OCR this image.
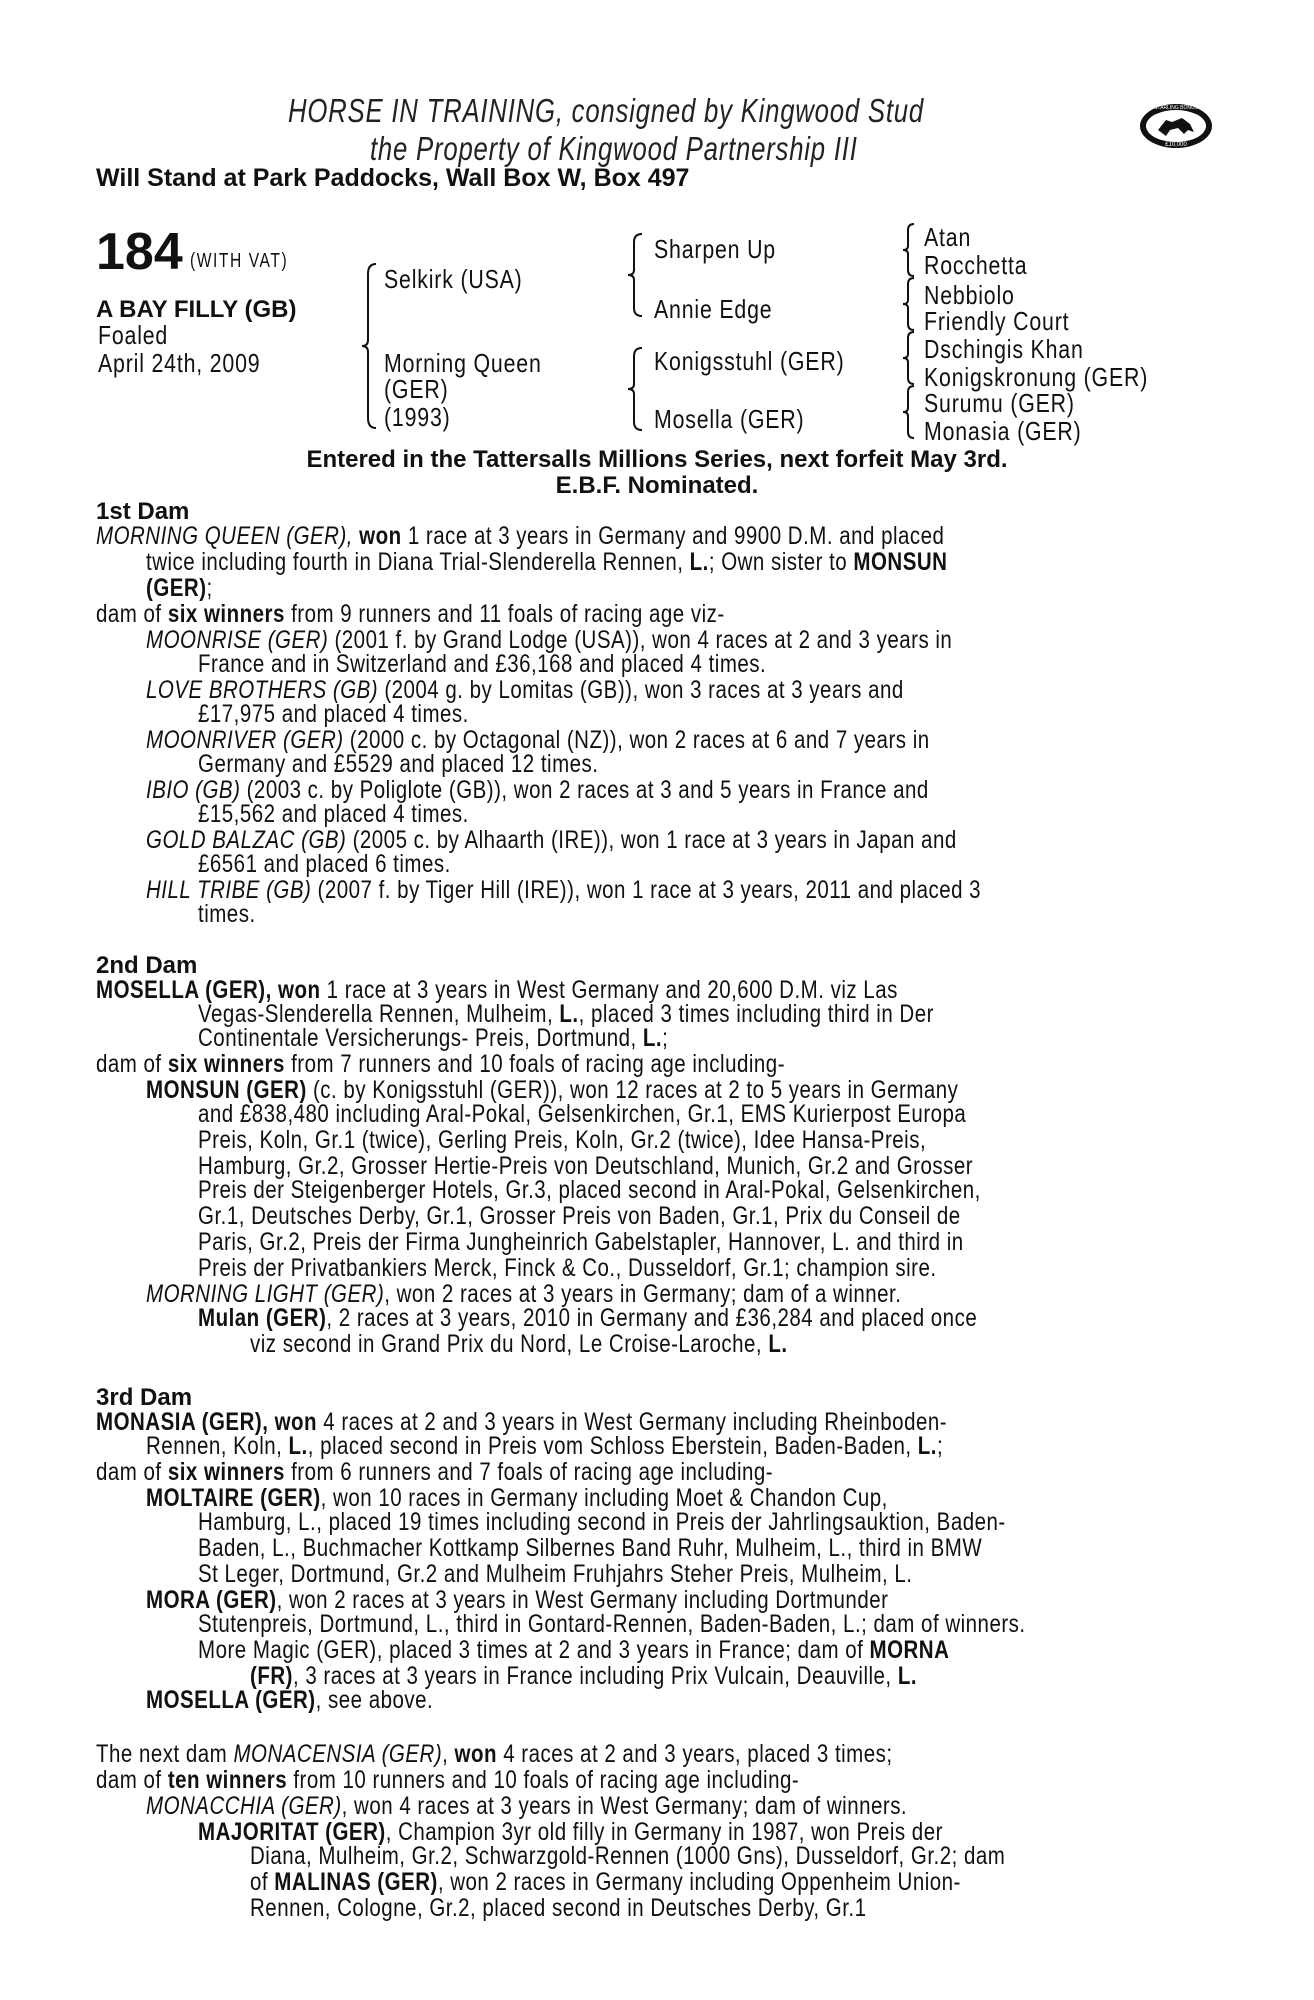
HORSE IN TRAINING, consigned by Kingwood Stud
the Property of Kingwood Partnership III
Will Stand at Park Paddocks, Wall Box W, Box 497
STARLING BONUS
£10,000
184 (WITH VAT)
A BAY FILLY (GB)
Foaled
April 24th, 2009
Selkirk (USA)
Morning Queen
(GER)
(1993)
Sharpen Up
Annie Edge
Konigsstuhl (GER)
Mosella (GER)
Atan
Rocchetta
Nebbiolo
Friendly Court
Dschingis Khan
Konigskronung (GER)
Surumu (GER)
Monasia (GER)
Entered in the Tattersalls Millions Series, next forfeit May 3rd.
E.B.F. Nominated.
1st Dam
MORNING QUEEN (GER), won 1 race at 3 years in Germany and 9900 D.M. and placed
twice including fourth in Diana Trial-Slenderella Rennen, L.; Own sister to MONSUN
(GER);
dam of six winners from 9 runners and 11 foals of racing age viz-
MOONRISE (GER) (2001 f. by Grand Lodge (USA)), won 4 races at 2 and 3 years in
France and in Switzerland and £36,168 and placed 4 times.
LOVE BROTHERS (GB) (2004 g. by Lomitas (GB)), won 3 races at 3 years and
£17,975 and placed 4 times.
MOONRIVER (GER) (2000 c. by Octagonal (NZ)), won 2 races at 6 and 7 years in
Germany and £5529 and placed 12 times.
IBIO (GB) (2003 c. by Poliglote (GB)), won 2 races at 3 and 5 years in France and
£15,562 and placed 4 times.
GOLD BALZAC (GB) (2005 c. by Alhaarth (IRE)), won 1 race at 3 years in Japan and
£6561 and placed 6 times.
HILL TRIBE (GB) (2007 f. by Tiger Hill (IRE)), won 1 race at 3 years, 2011 and placed 3
times.
2nd Dam
MOSELLA (GER), won 1 race at 3 years in West Germany and 20,600 D.M. viz Las
Vegas-Slenderella Rennen, Mulheim, L., placed 3 times including third in Der
Continentale Versicherungs- Preis, Dortmund, L.;
dam of six winners from 7 runners and 10 foals of racing age including-
MONSUN (GER) (c. by Konigsstuhl (GER)), won 12 races at 2 to 5 years in Germany
and £838,480 including Aral-Pokal, Gelsenkirchen, Gr.1, EMS Kurierpost Europa
Preis, Koln, Gr.1 (twice), Gerling Preis, Koln, Gr.2 (twice), Idee Hansa-Preis,
Hamburg, Gr.2, Grosser Hertie-Preis von Deutschland, Munich, Gr.2 and Grosser
Preis der Steigenberger Hotels, Gr.3, placed second in Aral-Pokal, Gelsenkirchen,
Gr.1, Deutsches Derby, Gr.1, Grosser Preis von Baden, Gr.1, Prix du Conseil de
Paris, Gr.2, Preis der Firma Jungheinrich Gabelstapler, Hannover, L. and third in
Preis der Privatbankiers Merck, Finck & Co., Dusseldorf, Gr.1; champion sire.
MORNING LIGHT (GER), won 2 races at 3 years in Germany; dam of a winner.
Mulan (GER), 2 races at 3 years, 2010 in Germany and £36,284 and placed once
viz second in Grand Prix du Nord, Le Croise-Laroche, L.
3rd Dam
MONASIA (GER), won 4 races at 2 and 3 years in West Germany including Rheinboden-
Rennen, Koln, L., placed second in Preis vom Schloss Eberstein, Baden-Baden, L.;
dam of six winners from 6 runners and 7 foals of racing age including-
MOLTAIRE (GER), won 10 races in Germany including Moet & Chandon Cup,
Hamburg, L., placed 19 times including second in Preis der Jahrlingsauktion, Baden-
Baden, L., Buchmacher Kottkamp Silbernes Band Ruhr, Mulheim, L., third in BMW
St Leger, Dortmund, Gr.2 and Mulheim Fruhjahrs Steher Preis, Mulheim, L.
MORA (GER), won 2 races at 3 years in West Germany including Dortmunder
Stutenpreis, Dortmund, L., third in Gontard-Rennen, Baden-Baden, L.; dam of winners.
More Magic (GER), placed 3 times at 2 and 3 years in France; dam of MORNA
(FR), 3 races at 3 years in France including Prix Vulcain, Deauville, L.
MOSELLA (GER), see above.
The next dam MONACENSIA (GER), won 4 races at 2 and 3 years, placed 3 times;
dam of ten winners from 10 runners and 10 foals of racing age including-
MONACCHIA (GER), won 4 races at 3 years in West Germany; dam of winners.
MAJORITAT (GER), Champion 3yr old filly in Germany in 1987, won Preis der
Diana, Mulheim, Gr.2, Schwarzgold-Rennen (1000 Gns), Dusseldorf, Gr.2; dam
of MALINAS (GER), won 2 races in Germany including Oppenheim Union-
Rennen, Cologne, Gr.2, placed second in Deutsches Derby, Gr.1
